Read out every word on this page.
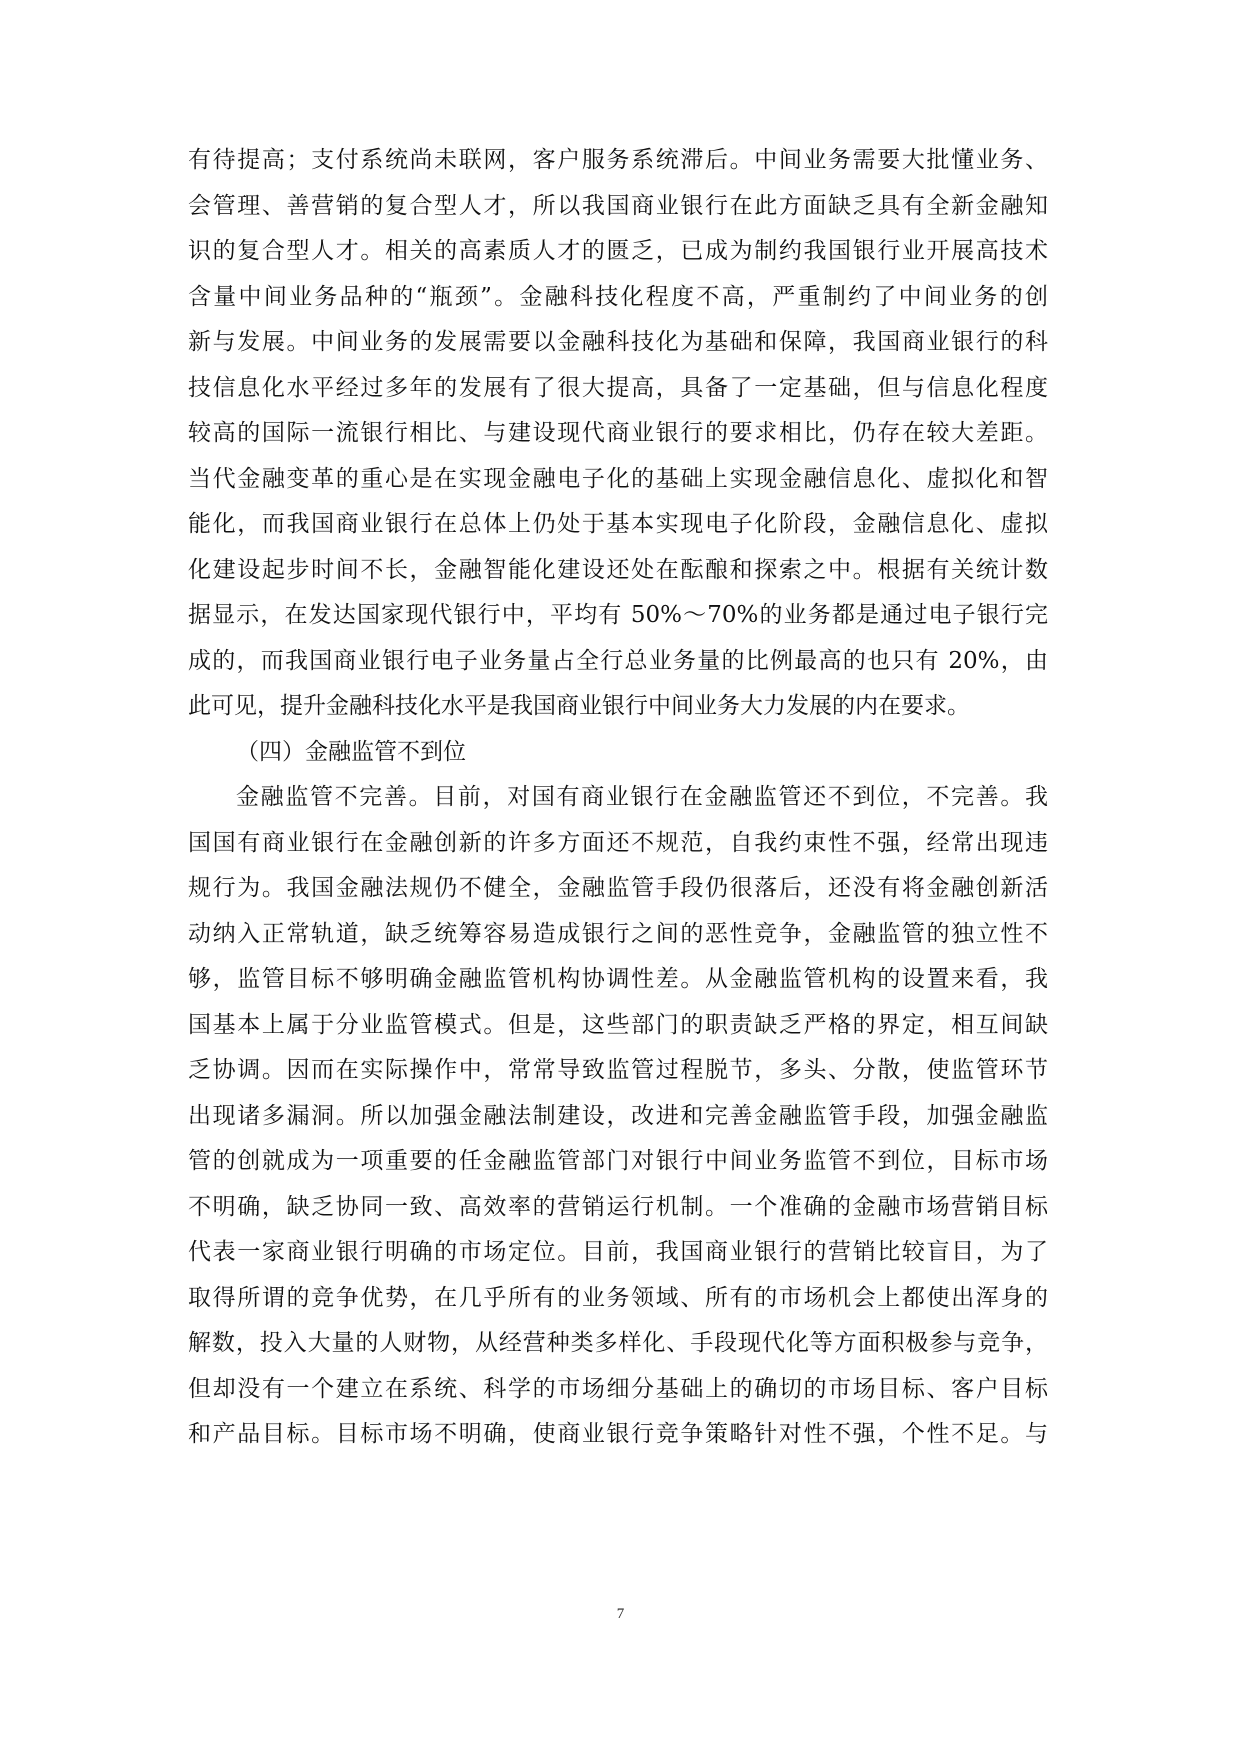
有待提高；支付系统尚未联网，客户服务系统滞后。中间业务需要大批懂业务、
会管理、善营销的复合型人才，所以我国商业银行在此方面缺乏具有全新金融知
识的复合型人才。相关的高素质人才的匮乏，已成为制约我国银行业开展高技术
含量中间业务品种的“瓶颈”。金融科技化程度不高，严重制约了中间业务的创
新与发展。中间业务的发展需要以金融科技化为基础和保障，我国商业银行的科
技信息化水平经过多年的发展有了很大提高，具备了一定基础，但与信息化程度
较高的国际一流银行相比、与建设现代商业银行的要求相比，仍存在较大差距。
当代金融变革的重心是在实现金融电子化的基础上实现金融信息化、虚拟化和智
能化，而我国商业银行在总体上仍处于基本实现电子化阶段，金融信息化、虚拟
化建设起步时间不长，金融智能化建设还处在酝酿和探索之中。根据有关统计数
据显示，在发达国家现代银行中，平均有 50%～70%的业务都是通过电子银行完
成的，而我国商业银行电子业务量占全行总业务量的比例最高的也只有 20%，由
此可见，提升金融科技化水平是我国商业银行中间业务大力发展的内在要求。
（四）金融监管不到位
金融监管不完善。目前，对国有商业银行在金融监管还不到位，不完善。我
国国有商业银行在金融创新的许多方面还不规范，自我约束性不强，经常出现违
规行为。我国金融法规仍不健全，金融监管手段仍很落后，还没有将金融创新活
动纳入正常轨道，缺乏统筹容易造成银行之间的恶性竞争，金融监管的独立性不
够，监管目标不够明确金融监管机构协调性差。从金融监管机构的设置来看，我
国基本上属于分业监管模式。但是，这些部门的职责缺乏严格的界定，相互间缺
乏协调。因而在实际操作中，常常导致监管过程脱节，多头、分散，使监管环节
出现诸多漏洞。所以加强金融法制建设，改进和完善金融监管手段，加强金融监
管的创就成为一项重要的任金融监管部门对银行中间业务监管不到位，目标市场
不明确，缺乏协同一致、高效率的营销运行机制。一个准确的金融市场营销目标
代表一家商业银行明确的市场定位。目前，我国商业银行的营销比较盲目，为了
取得所谓的竞争优势，在几乎所有的业务领域、所有的市场机会上都使出浑身的
解数，投入大量的人财物，从经营种类多样化、手段现代化等方面积极参与竞争，
但却没有一个建立在系统、科学的市场细分基础上的确切的市场目标、客户目标
和产品目标。目标市场不明确，使商业银行竞争策略针对性不强，个性不足。与
7
